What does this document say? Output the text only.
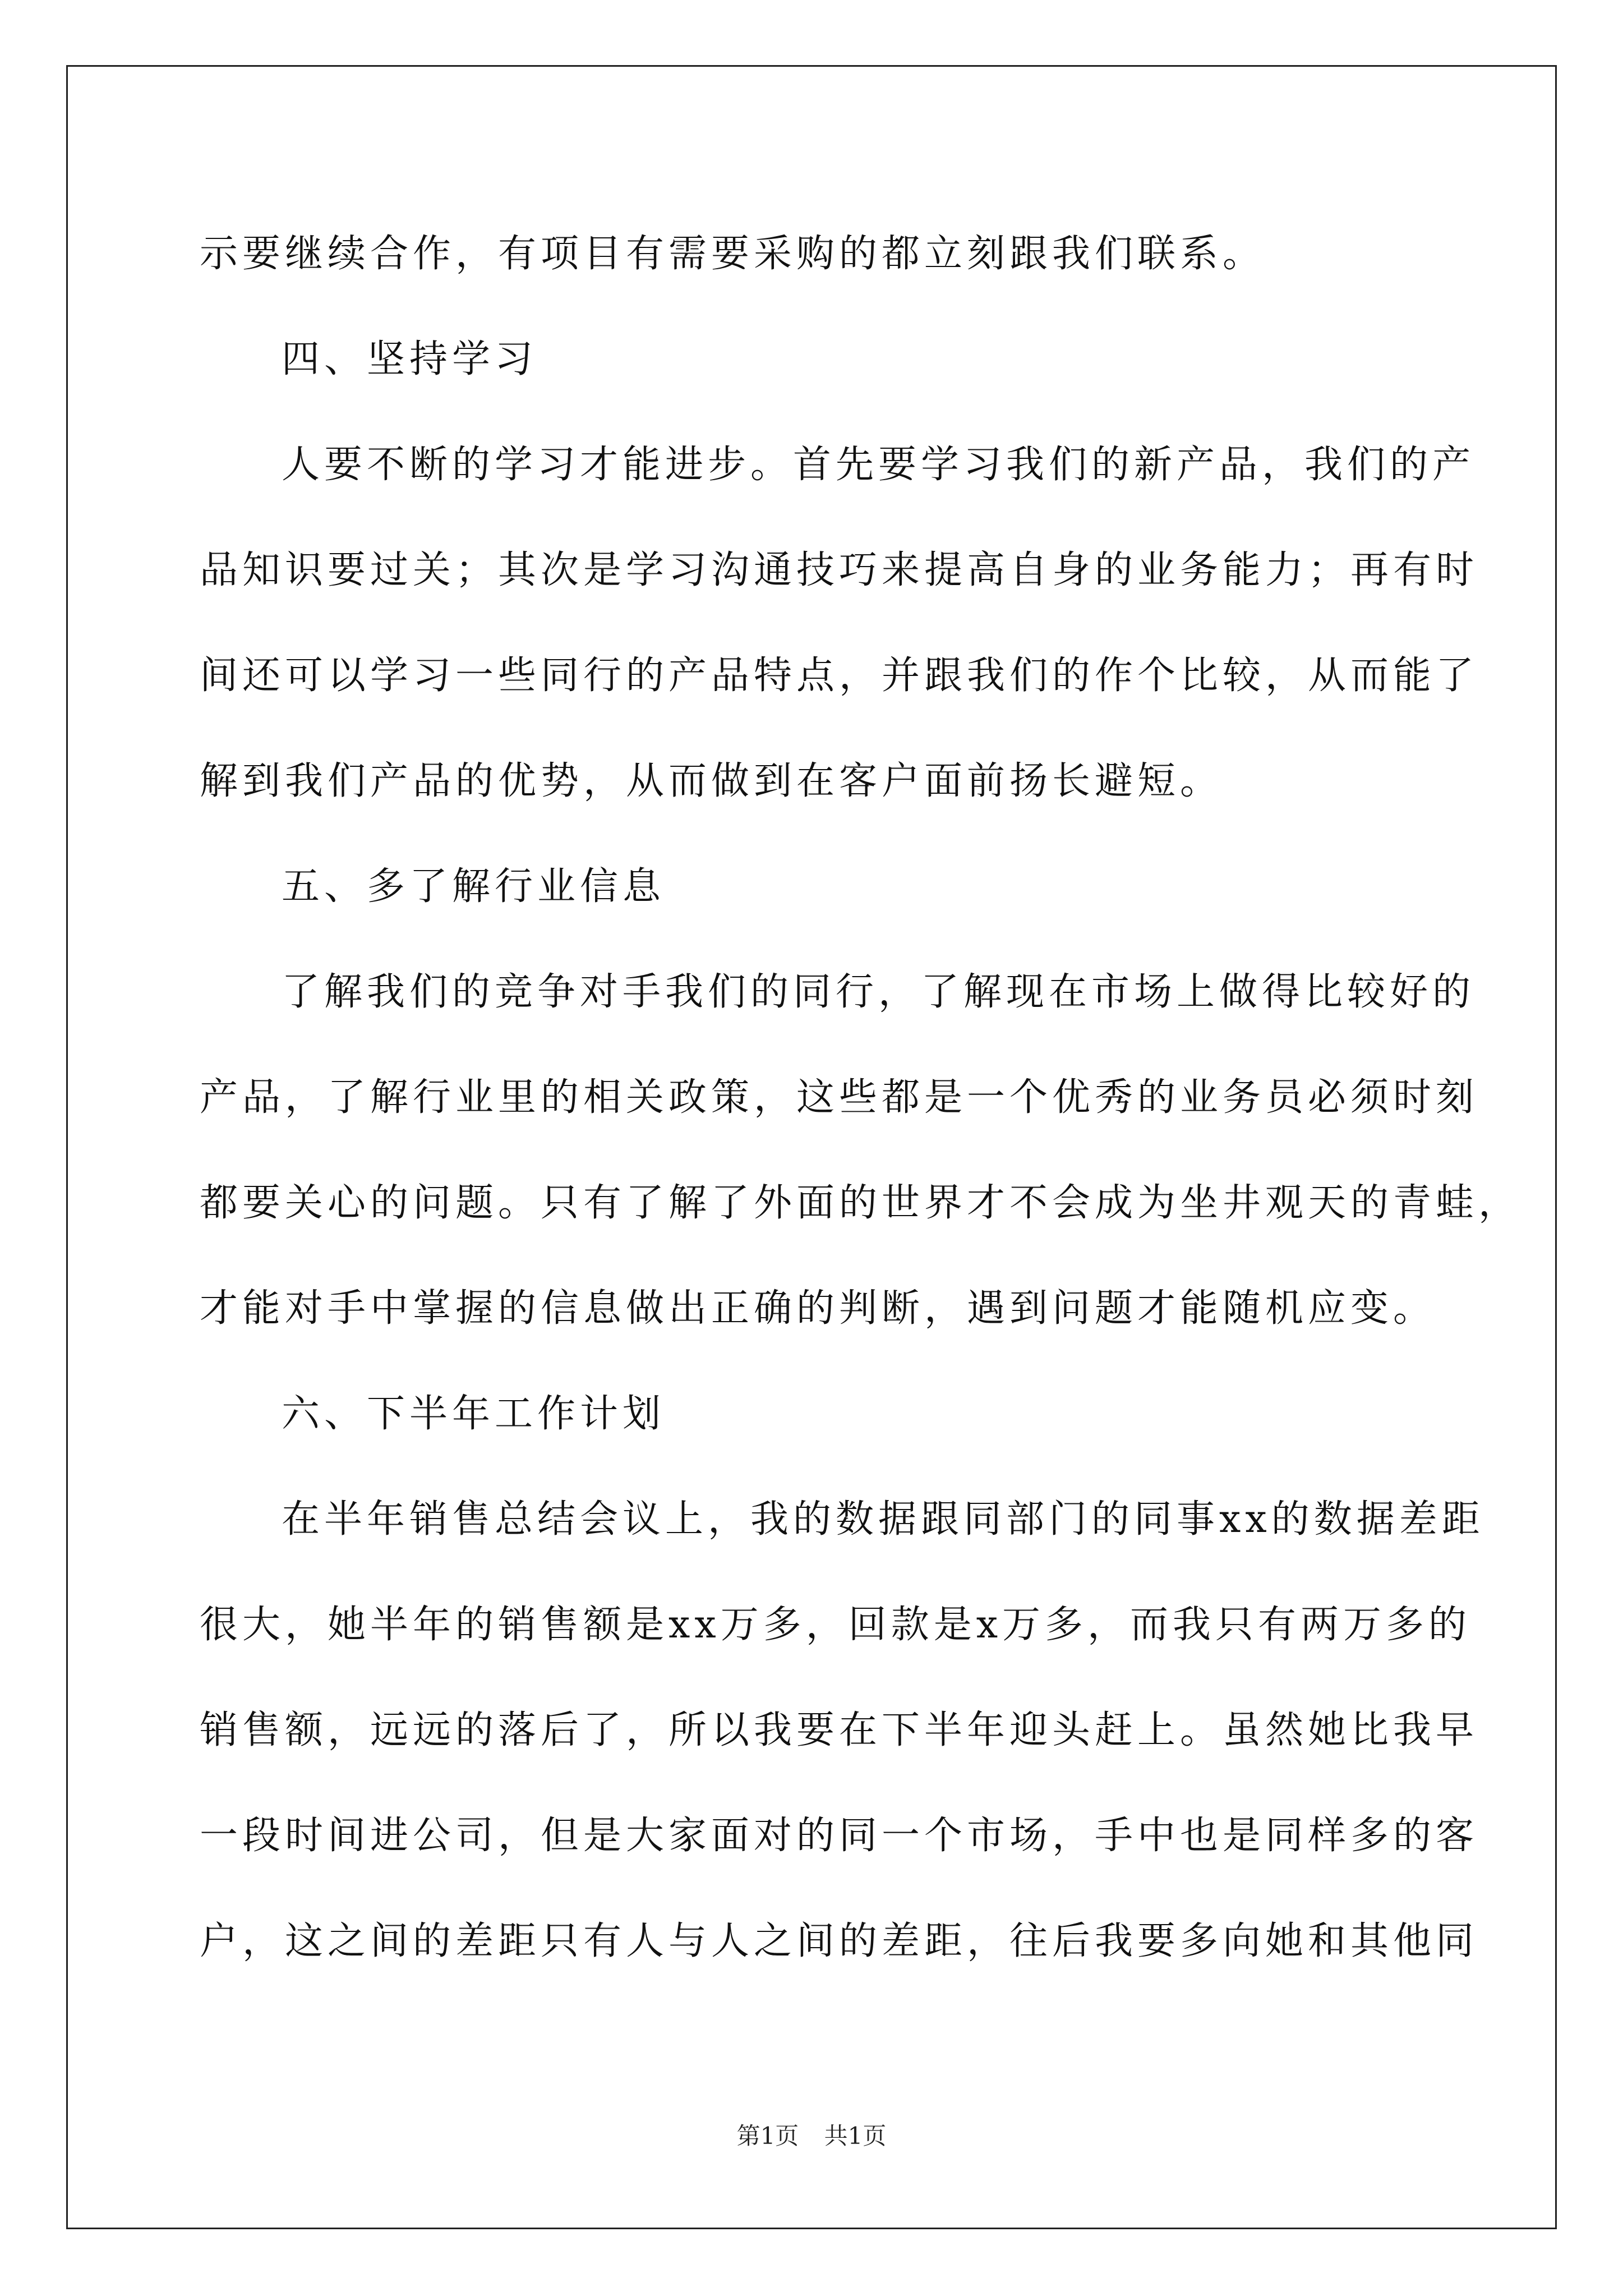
示要继续合作，有项目有需要采购的都立刻跟我们联系。

四、坚持学习

人要不断的学习才能进步。首先要学习我们的新产品，我们的产

品知识要过关；其次是学习沟通技巧来提高自身的业务能力；再有时

间还可以学习一些同行的产品特点，并跟我们的作个比较，从而能了

解到我们产品的优势，从而做到在客户面前扬长避短。

五、多了解行业信息

了解我们的竞争对手我们的同行，了解现在市场上做得比较好的

产品，了解行业里的相关政策，这些都是一个优秀的业务员必须时刻

都要关心的问题。只有了解了外面的世界才不会成为坐井观天的青蛙，

才能对手中掌握的信息做出正确的判断，遇到问题才能随机应变。

六、下半年工作计划

在半年销售总结会议上，我的数据跟同部门的同事xx的数据差距

很大，她半年的销售额是xx万多，回款是x万多，而我只有两万多的

销售额，远远的落后了，所以我要在下半年迎头赶上。虽然她比我早

一段时间进公司，但是大家面对的同一个市场，手中也是同样多的客

户，这之间的差距只有人与人之间的差距，往后我要多向她和其他同

第1页 共1页
